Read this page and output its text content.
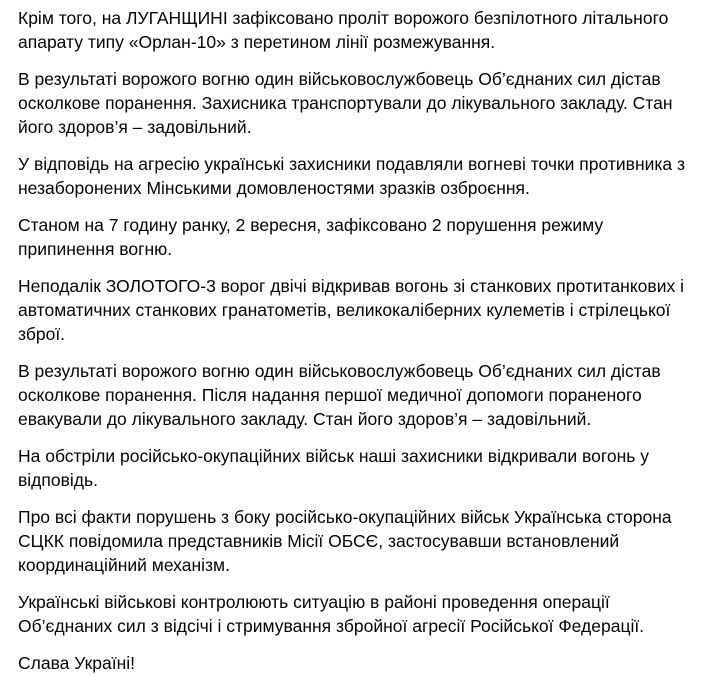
Крім того, на ЛУГАНЩИНІ зафіксовано проліт ворожого безпілотного літального апарату типу «Орлан-10» з перетином лінії розмежування.

В результаті ворожого вогню один військовослужбовець Об’єднаних сил дістав осколкове поранення. Захисника транспортували до лікувального закладу. Стан його здоров’я – задовільний.

У відповідь на агресію українські захисники подавляли вогневі точки противника з незаборонених Мінськими домовленостями зразків озброєння.

Станом на 7 годину ранку, 2 вересня, зафіксовано 2 порушення режиму припинення вогню.

Неподалік ЗОЛОТОГО-3 ворог двічі відкривав вогонь зі станкових протитанкових і автоматичних станкових гранатометів, великокаліберних кулеметів і стрілецької зброї.

В результаті ворожого вогню один військовослужбовець Об’єднаних сил дістав осколкове поранення. Після надання першої медичної допомоги пораненого евакували до лікувального закладу. Стан його здоров’я – задовільний.

На обстріли російсько-окупаційних військ наші захисники відкривали вогонь у відповідь.

Про всі факти порушень з боку російсько-окупаційних військ Українська сторона СЦКК повідомила представників Місії ОБСЄ, застосувавши встановлений координаційний механізм.

Українські військові контролюють ситуацію в районі проведення операції Об’єднаних сил з відсічі і стримування збройної агресії Російської Федерації.

Слава Україні!
